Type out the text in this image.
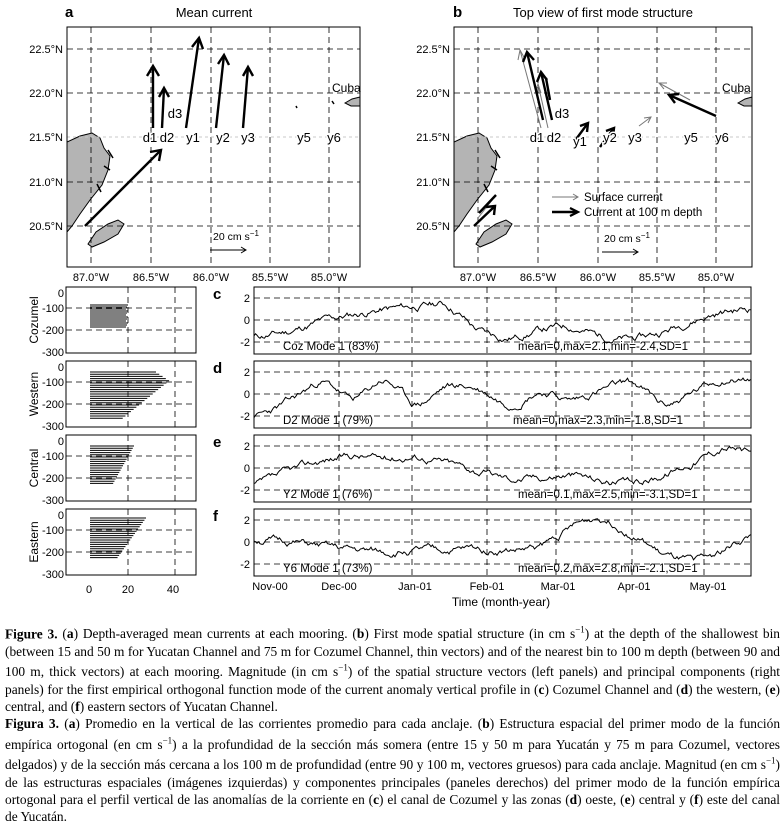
a	Mean current
d1 d2
d3
y1 y2 y3	y5 y6
Cuba
20 cm $s^{-1}$
22.5°N
22.0°N
21.5°N
21.0°N
20.5°N
87.0°W 86.5°W 86.0°W 85.5°W 85.0°W
b	Top view of first mode structure
d1 d2
d3
y1 y2 y3	y5 y6
Cuba
Surface current
Current at 100 m depth
20 cm $s^{-1}$
22.5°N
22.0°N
21.5°N
21.0°N
20.5°N
87.0°W 86.5°W 86.0°W 85.5°W 85.0°W
0
-100
-200
-300
Cozumel
0
-100
-200
-300
Western
0
-100
-200
-300
Central
0
-100
-200
-300
Eastern
0	20	40
c 2
0
-2	Coz Mode 1 (83%)	mean=0,max=2.1,min=-2.4,SD=1
d 2
0
-2	D2 Mode 1 (79%)	mean=0,max=2.3,min=-1.8,SD=1
e 2
0
-2	Y2 Mode 1 (76%)	mean=0.1,max=2.5,min=-3.1,SD=1
f 2
0
-2	Y6 Mode 1 (73%)	mean=0.2,max=2.8,min=-2.1,SD=1
Nov-00	Dec-00	Jan-01	Feb-01	Mar-01	Apr-01	May-01
Time (month-year)

Figure 3. (a) Depth-averaged mean currents at each mooring. (b) First mode spatial structure (in cm $s^{-1}$) at the depth of the shallowest bin (between 15 and 50 m for Yucatan Channel and 75 m for Cozumel Channel, thin vectors) and of the nearest bin to 100 m depth (between 90 and 100 m, thick vectors) at each mooring. Magnitude (in cm $s^{-1}$) of the spatial structure vectors (left panels) and principal components (right panels) for the first empirical orthogonal function mode of the current anomaly vertical profile in (c) Cozumel Channel and (d) the western, (e) central, and (f) eastern sectors of Yucatan Channel.

Figura 3. (a) Promedio en la vertical de las corrientes promedio para cada anclaje. (b) Estructura espacial del primer modo de la función empírica ortogonal (en cm $s^{-1}$) a la profundidad de la sección más somera (entre 15 y 50 m para Yucatán y 75 m para Cozumel, vectores delgados) y de la sección más cercana a los 100 m de profundidad (entre 90 y 100 m, vectores gruesos) para cada anclaje. Magnitud (en cm $s^{-1}$) de las estructuras espaciales (imágenes izquierdas) y componentes principales (paneles derechos) del primer modo de la función empírica ortogonal para el perfil vertical de las anomalías de la corriente en (c) el canal de Cozumel y las zonas (d) oeste, (e) central y (f) este del canal de Yucatán.
